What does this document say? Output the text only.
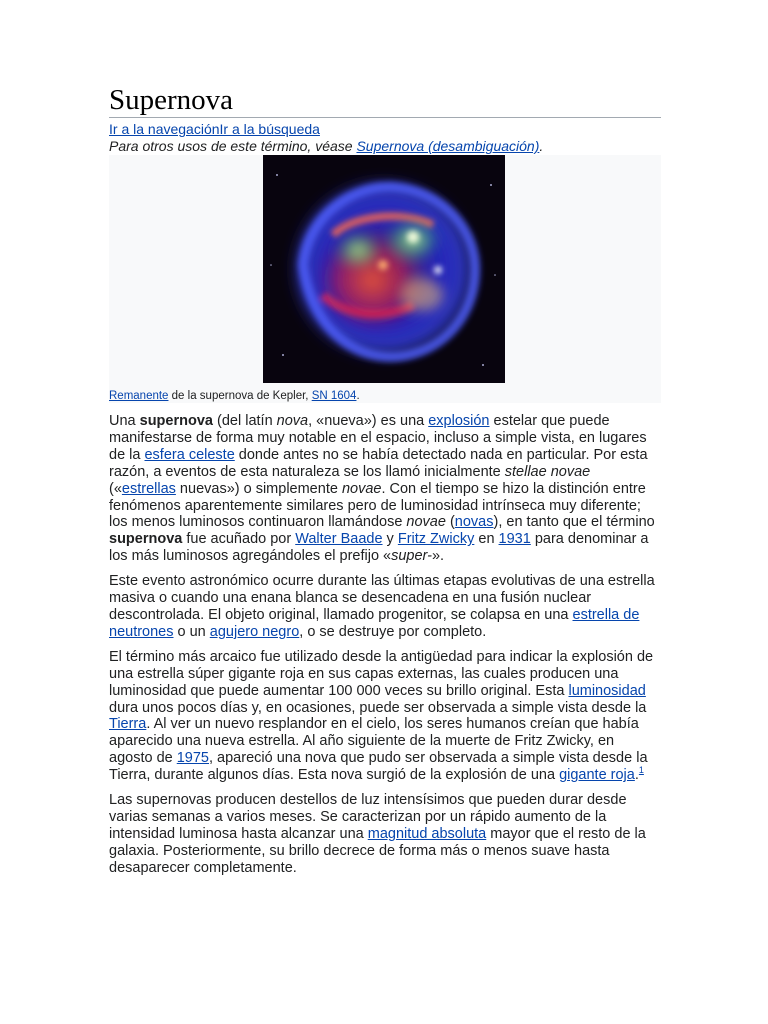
Supernova
Ir a la navegaciónIr a la búsqueda
Para otros usos de este término, véase Supernova (desambiguación).
Remanente de la supernova de Kepler, SN 1604.

Una supernova (del latín nova, «nueva») es una explosión estelar que puede manifestarse de forma muy notable en el espacio, incluso a simple vista, en lugares de la esfera celeste donde antes no se había detectado nada en particular. Por esta razón, a eventos de esta naturaleza se los llamó inicialmente stellae novae («estrellas nuevas») o simplemente novae. Con el tiempo se hizo la distinción entre fenómenos aparentemente similares pero de luminosidad intrínseca muy diferente; los menos luminosos continuaron llamándose novae (novas), en tanto que el término supernova fue acuñado por Walter Baade y Fritz Zwicky en 1931 para denominar a los más luminosos agregándoles el prefijo «super-».

Este evento astronómico ocurre durante las últimas etapas evolutivas de una estrella masiva o cuando una enana blanca se desencadena en una fusión nuclear descontrolada. El objeto original, llamado progenitor, se colapsa en una estrella de neutrones o un agujero negro, o se destruye por completo.

El término más arcaico fue utilizado desde la antigüedad para indicar la explosión de una estrella súper gigante roja en sus capas externas, las cuales producen una luminosidad que puede aumentar 100 000 veces su brillo original. Esta luminosidad dura unos pocos días y, en ocasiones, puede ser observada a simple vista desde la Tierra. Al ver un nuevo resplandor en el cielo, los seres humanos creían que había aparecido una nueva estrella. Al año siguiente de la muerte de Fritz Zwicky, en agosto de 1975, apareció una nova que pudo ser observada a simple vista desde la Tierra, durante algunos días. Esta nova surgió de la explosión de una gigante roja.$^1$

Las supernovas producen destellos de luz intensísimos que pueden durar desde varias semanas a varios meses. Se caracterizan por un rápido aumento de la intensidad luminosa hasta alcanzar una magnitud absoluta mayor que el resto de la galaxia. Posteriormente, su brillo decrece de forma más o menos suave hasta desaparecer completamente.
